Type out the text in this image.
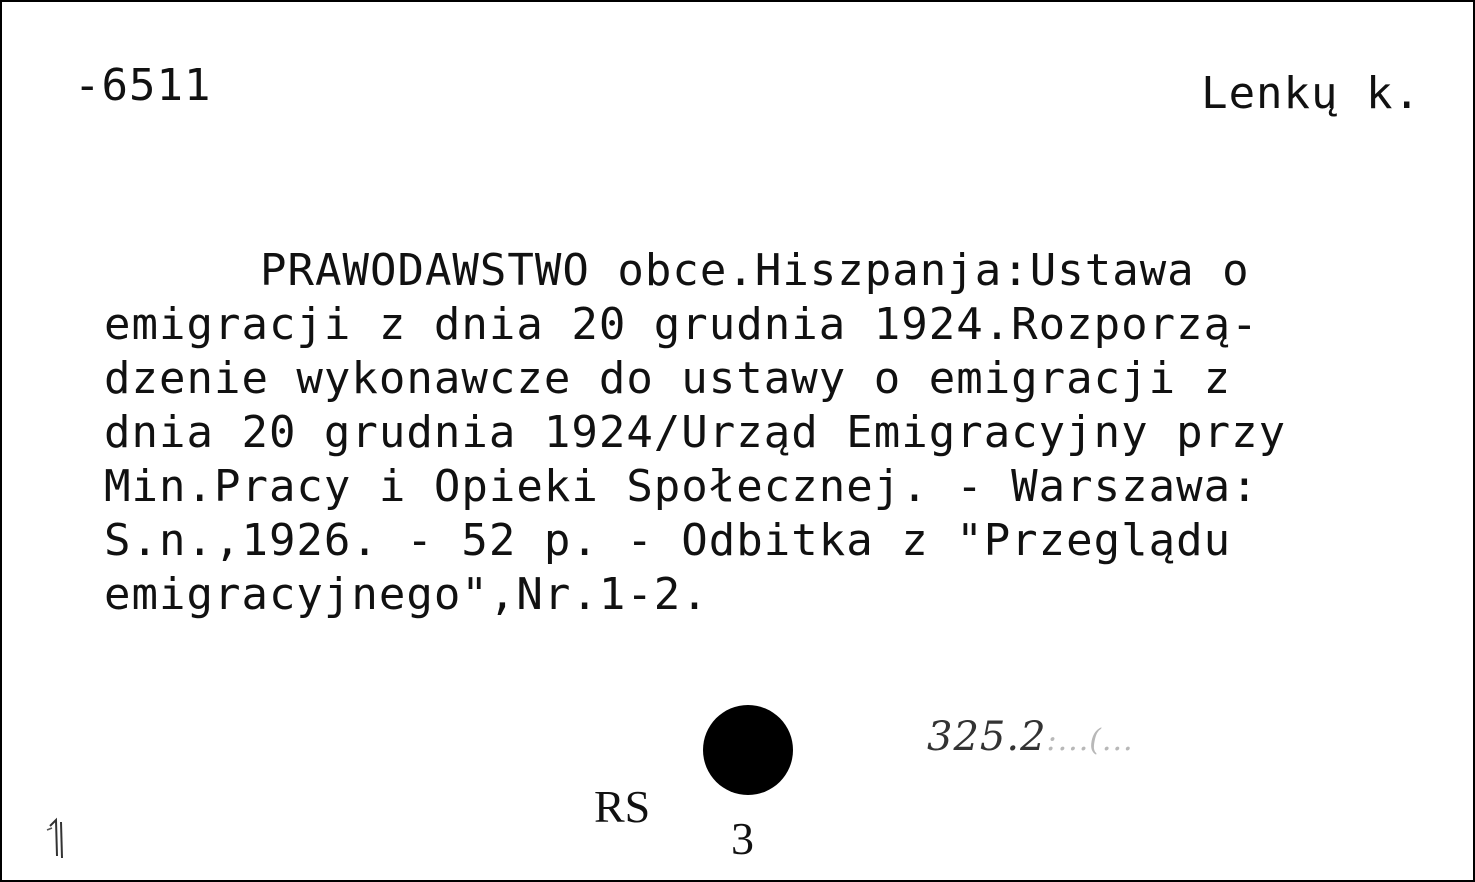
-6511	Lenkų k.
PRAWODAWSTWO obce.Hiszpanja:Ustawa o
emigracji z dnia 20 grudnia 1924.Rozporzą-
dzenie wykonawcze do ustawy o emigracji z
dnia 20 grudnia 1924/Urząd Emigracyjny przy
Min.Pracy i Opieki Społecznej. - Warszawa:
S.n.,1926. - 52 p. - Odbitka z "Przeglądu
emigracyjnego",Nr.1-2.
325.2:...(...
RS
3
